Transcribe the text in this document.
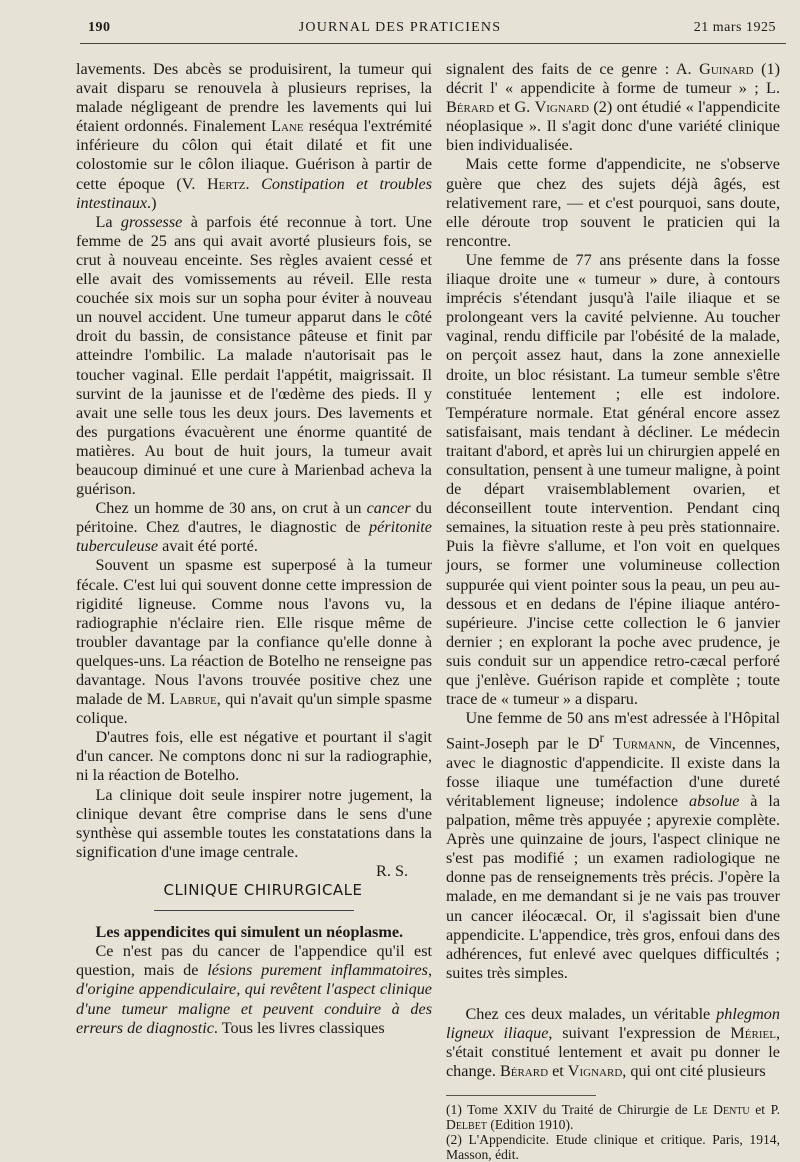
190	JOURNAL DES PRATICIENS	21 mars 1925

lavements. Des abcès se produisirent, la tumeur qui avait disparu se renouvela à plusieurs reprises, la malade négligeant de prendre les lavements qui lui étaient ordonnés. Finalement Lane reséqua l'extrémité inférieure du côlon qui était dilaté et fit une colostomie sur le côlon iliaque. Guérison à partir de cette époque (V. Hertz. Constipation et troubles intestinaux.)

La grossesse à parfois été reconnue à tort. Une femme de 25 ans qui avait avorté plusieurs fois, se crut à nouveau enceinte. Ses règles avaient cessé et elle avait des vomissements au réveil. Elle resta couchée six mois sur un sopha pour éviter à nouveau un nouvel accident. Une tumeur apparut dans le côté droit du bassin, de consistance pâteuse et finit par atteindre l'ombilic. La malade n'autorisait pas le toucher vaginal. Elle perdait l'appétit, maigrissait. Il survint de la jaunisse et de l'œdème des pieds. Il y avait une selle tous les deux jours. Des lavements et des purgations évacuèrent une énorme quantité de matières. Au bout de huit jours, la tumeur avait beaucoup diminué et une cure à Marienbad acheva la guérison.

Chez un homme de 30 ans, on crut à un cancer du péritoine. Chez d'autres, le diagnostic de péritonite tuberculeuse avait été porté.

Souvent un spasme est superposé à la tumeur fécale. C'est lui qui souvent donne cette impression de rigidité ligneuse. Comme nous l'avons vu, la radiographie n'éclaire rien. Elle risque même de troubler davantage par la confiance qu'elle donne à quelques-uns. La réaction de Botelho ne renseigne pas davantage. Nous l'avons trouvée positive chez une malade de M. Labrue, qui n'avait qu'un simple spasme colique.

D'autres fois, elle est négative et pourtant il s'agit d'un cancer. Ne comptons donc ni sur la radiographie, ni la réaction de Botelho.

La clinique doit seule inspirer notre jugement, la clinique devant être comprise dans le sens d'une synthèse qui assemble toutes les constatations dans la signification d'une image centrale.

R. S.

CLINIQUE CHIRURGICALE

Les appendicites qui simulent un néoplasme.

Ce n'est pas du cancer de l'appendice qu'il est question, mais de lésions purement inflammatoires, d'origine appendiculaire, qui revêtent l'aspect clinique d'une tumeur maligne et peuvent conduire à des erreurs de diagnostic. Tous les livres classiques

signalent des faits de ce genre : A. Guinard (1) décrit l' « appendicite à forme de tumeur » ; L. Bérard et G. Vignard (2) ont étudié « l'appendicite néoplasique ». Il s'agit donc d'une variété clinique bien individualisée.

Mais cette forme d'appendicite, ne s'observe guère que chez des sujets déjà âgés, est relativement rare, — et c'est pourquoi, sans doute, elle déroute trop souvent le praticien qui la rencontre.

Une femme de 77 ans présente dans la fosse iliaque droite une « tumeur » dure, à contours imprécis s'étendant jusqu'à l'aile iliaque et se prolongeant vers la cavité pelvienne. Au toucher vaginal, rendu difficile par l'obésité de la malade, on perçoit assez haut, dans la zone annexielle droite, un bloc résistant. La tumeur semble s'être constituée lentement ; elle est indolore. Température normale. Etat général encore assez satisfaisant, mais tendant à décliner. Le médecin traitant d'abord, et après lui un chirurgien appelé en consultation, pensent à une tumeur maligne, à point de départ vraisemblablement ovarien, et déconseillent toute intervention. Pendant cinq semaines, la situation reste à peu près stationnaire. Puis la fièvre s'allume, et l'on voit en quelques jours, se former une volumineuse collection suppurée qui vient pointer sous la peau, un peu au-dessous et en dedans de l'épine iliaque antéro-supérieure. J'incise cette collection le 6 janvier dernier ; en explorant la poche avec prudence, je suis conduit sur un appendice retro-cæcal perforé que j'enlève. Guérison rapide et complète ; toute trace de « tumeur » a disparu.

Une femme de 50 ans m'est adressée à l'Hôpital Saint-Joseph par le $D^r$ Turmann, de Vincennes, avec le diagnostic d'appendicite. Il existe dans la fosse iliaque une tuméfaction d'une dureté véritablement ligneuse; indolence absolue à la palpation, même très appuyée ; apyrexie complète. Après une quinzaine de jours, l'aspect clinique ne s'est pas modifié ; un examen radiologique ne donne pas de renseignements très précis. J'opère la malade, en me demandant si je ne vais pas trouver un cancer iléocæcal. Or, il s'agissait bien d'une appendicite. L'appendice, très gros, enfoui dans des adhérences, fut enlevé avec quelques difficultés ; suites très simples.

Chez ces deux malades, un véritable phlegmon ligneux iliaque, suivant l'expression de Mériel, s'était constitué lentement et avait pu donner le change. Bérard et Vignard, qui ont cité plusieurs

(1) Tome XXIV du Traité de Chirurgie de Le Dentu et P. Delbet (Edition 1910).

(2) L'Appendicite. Etude clinique et critique. Paris, 1914, Masson, édit.
